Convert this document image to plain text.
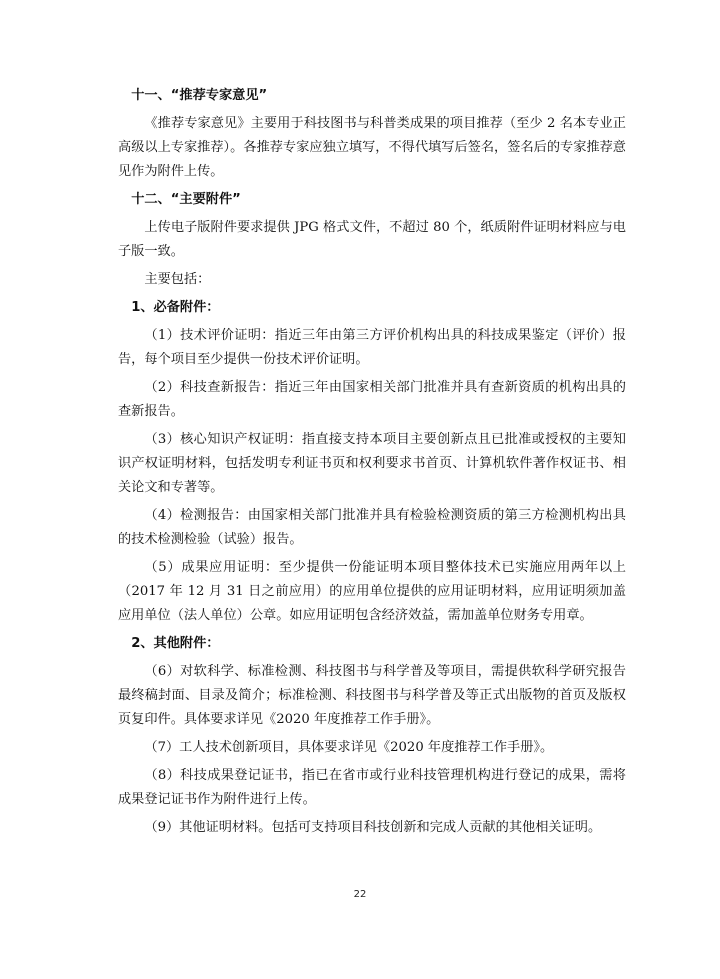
十一、“推荐专家意见”

《推荐专家意见》主要用于科技图书与科普类成果的项目推荐（至少 2 名本专业正高级以上专家推荐）。各推荐专家应独立填写，不得代填写后签名，签名后的专家推荐意见作为附件上传。

十二、“主要附件”

上传电子版附件要求提供 JPG 格式文件，不超过 80 个，纸质附件证明材料应与电子版一致。

主要包括：

1、必备附件：

（1）技术评价证明：指近三年由第三方评价机构出具的科技成果鉴定（评价）报告，每个项目至少提供一份技术评价证明。

（2）科技查新报告：指近三年由国家相关部门批准并具有查新资质的机构出具的查新报告。

（3）核心知识产权证明：指直接支持本项目主要创新点且已批准或授权的主要知识产权证明材料，包括发明专利证书页和权利要求书首页、计算机软件著作权证书、相关论文和专著等。

（4）检测报告：由国家相关部门批准并具有检验检测资质的第三方检测机构出具的技术检测检验（试验）报告。

（5）成果应用证明：至少提供一份能证明本项目整体技术已实施应用两年以上（2017 年 12 月 31 日之前应用）的应用单位提供的应用证明材料，应用证明须加盖应用单位（法人单位）公章。如应用证明包含经济效益，需加盖单位财务专用章。

2、其他附件：

（6）对软科学、标准检测、科技图书与科学普及等项目，需提供软科学研究报告最终稿封面、目录及简介；标准检测、科技图书与科学普及等正式出版物的首页及版权页复印件。具体要求详见《2020 年度推荐工作手册》。

（7）工人技术创新项目，具体要求详见《2020 年度推荐工作手册》。

（8）科技成果登记证书，指已在省市或行业科技管理机构进行登记的成果，需将成果登记证书作为附件进行上传。

（9）其他证明材料。包括可支持项目科技创新和完成人贡献的其他相关证明。

22
